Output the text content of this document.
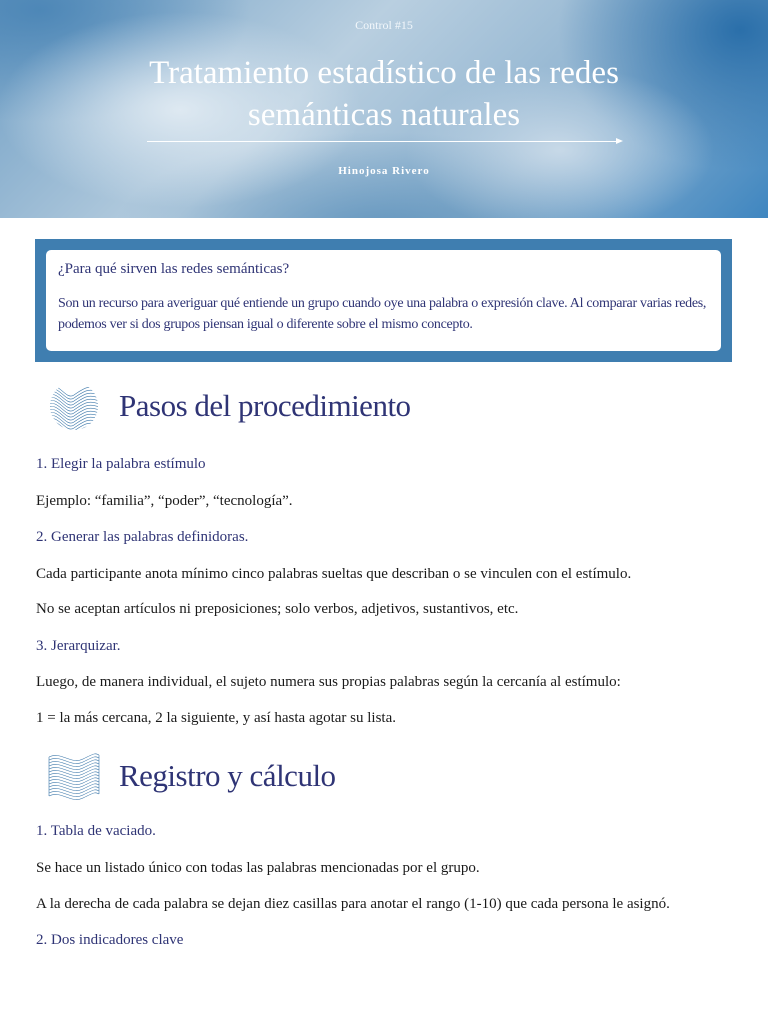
Control #15
Tratamiento estadístico de las redes semánticas naturales
Hinojosa Rivero
¿Para qué sirven las redes semánticas?
Son un recurso para averiguar qué entiende un grupo cuando oye una palabra o expresión clave. Al comparar varias redes, podemos ver si dos grupos piensan igual o diferente sobre el mismo concepto.
Pasos del procedimiento
1. Elegir la palabra estímulo
Ejemplo: “familia”, “poder”, “tecnología”.
2. Generar las palabras definidoras.
Cada participante anota mínimo cinco palabras sueltas que describan o se vinculen con el estímulo.
No se aceptan artículos ni preposiciones; solo verbos, adjetivos, sustantivos, etc.
3. Jerarquizar.
Luego, de manera individual, el sujeto numera sus propias palabras según la cercanía al estímulo:
1 = la más cercana, 2 la siguiente, y así hasta agotar su lista.
Registro y cálculo
1. Tabla de vaciado.
Se hace un listado único con todas las palabras mencionadas por el grupo.
A la derecha de cada palabra se dejan diez casillas para anotar el rango (1-10) que cada persona le asignó.
2. Dos indicadores clave
